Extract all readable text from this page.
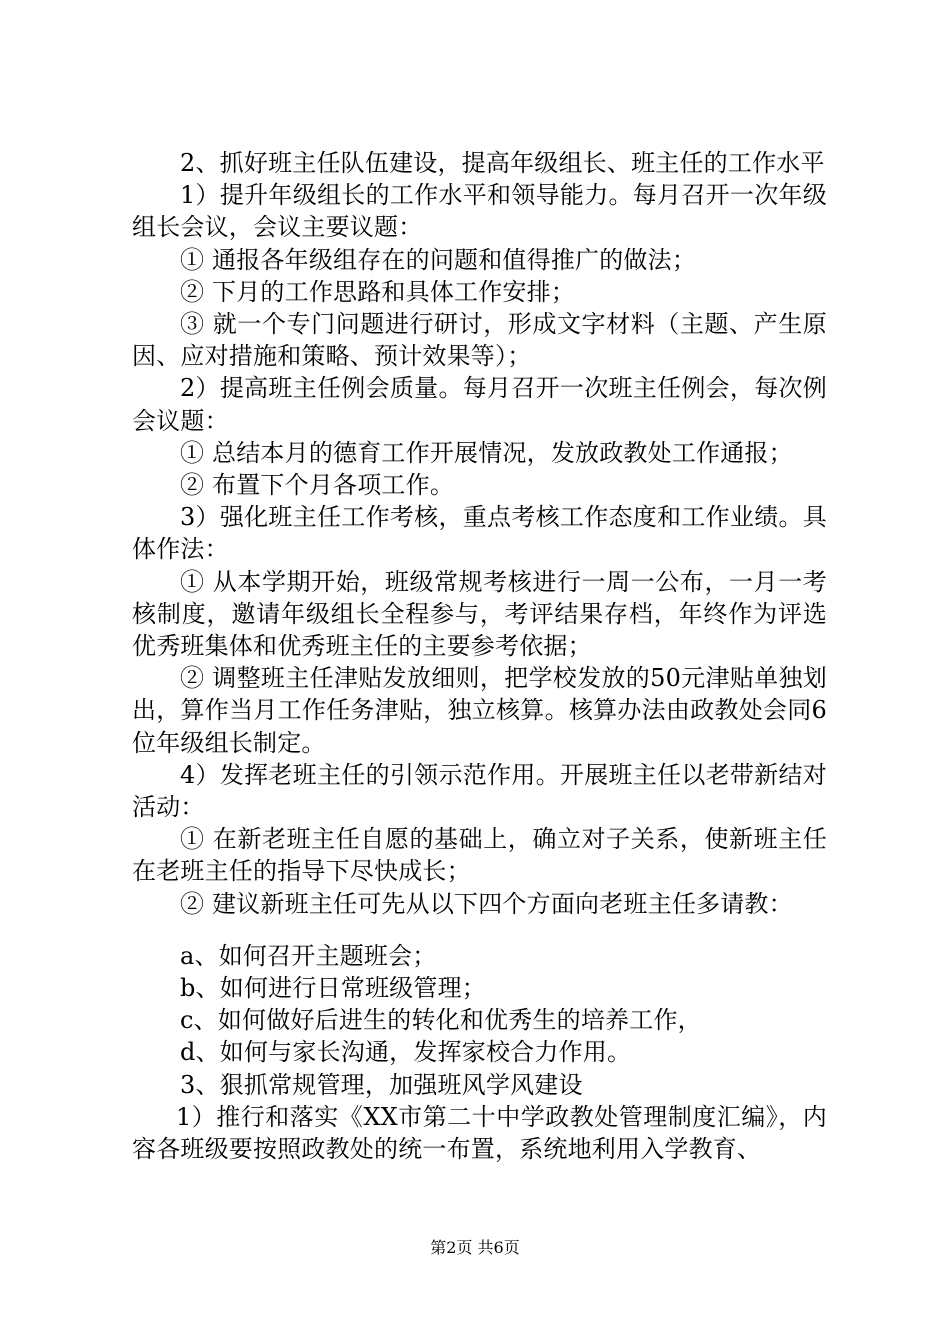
2、抓好班主任队伍建设，提高年级组长、班主任的工作水平

1）提升年级组长的工作水平和领导能力。每月召开一次年级组长会议，会议主要议题：

① 通报各年级组存在的问题和值得推广的做法；

② 下月的工作思路和具体工作安排；

③ 就一个专门问题进行研讨，形成文字材料（主题、产生原因、应对措施和策略、预计效果等）；

2）提高班主任例会质量。每月召开一次班主任例会，每次例会议题：

① 总结本月的德育工作开展情况，发放政教处工作通报；

② 布置下个月各项工作。

3）强化班主任工作考核，重点考核工作态度和工作业绩。具体作法：

① 从本学期开始，班级常规考核进行一周一公布，一月一考核制度，邀请年级组长全程参与，考评结果存档，年终作为评选优秀班集体和优秀班主任的主要参考依据；

② 调整班主任津贴发放细则，把学校发放的50元津贴单独划出，算作当月工作任务津贴，独立核算。核算办法由政教处会同6位年级组长制定。

4）发挥老班主任的引领示范作用。开展班主任以老带新结对活动：

① 在新老班主任自愿的基础上，确立对子关系，使新班主任在老班主任的指导下尽快成长；

② 建议新班主任可先从以下四个方面向老班主任多请教：

a、如何召开主题班会；

b、如何进行日常班级管理；

c、如何做好后进生的转化和优秀生的培养工作，

d、如何与家长沟通，发挥家校合力作用。

3、狠抓常规管理，加强班风学风建设

1）推行和落实《XX市第二十中学政教处管理制度汇编》，内容各班级要按照政教处的统一布置，系统地利用入学教育、

第2页 共6页
